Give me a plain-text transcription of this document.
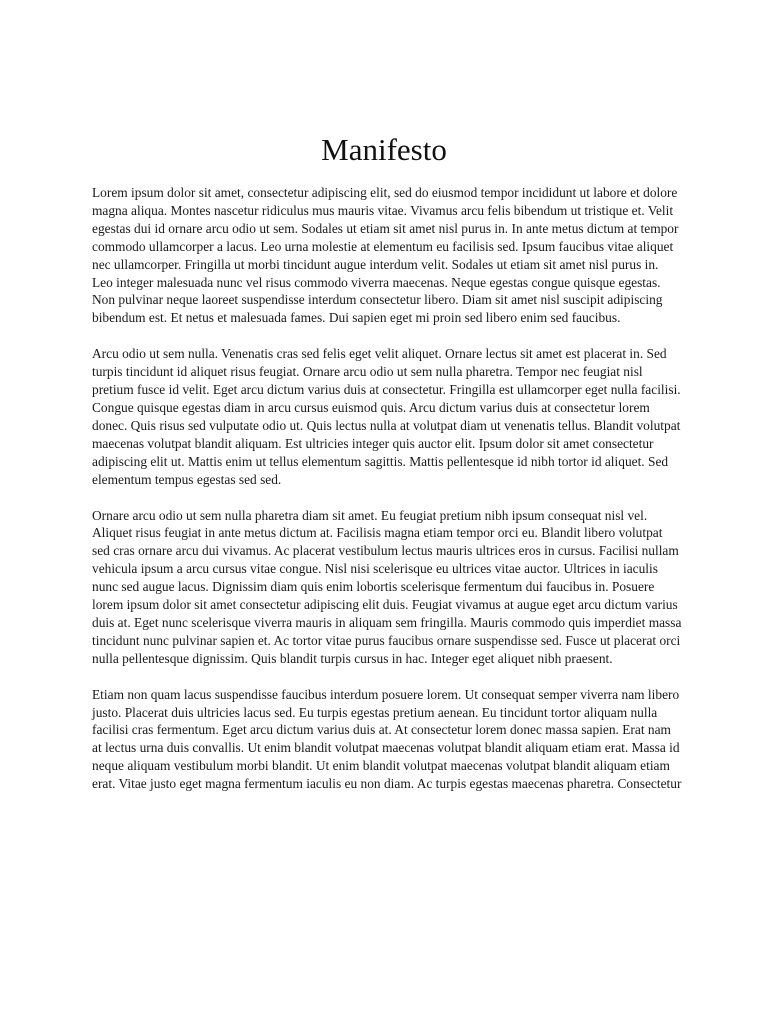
Manifesto

Lorem ipsum dolor sit amet, consectetur adipiscing elit, sed do eiusmod tempor incididunt ut labore et dolore magna aliqua. Montes nascetur ridiculus mus mauris vitae. Vivamus arcu felis bibendum ut tristique et. Velit egestas dui id ornare arcu odio ut sem. Sodales ut etiam sit amet nisl purus in. In ante metus dictum at tempor commodo ullamcorper a lacus. Leo urna molestie at elementum eu facilisis sed. Ipsum faucibus vitae aliquet nec ullamcorper. Fringilla ut morbi tincidunt augue interdum velit. Sodales ut etiam sit amet nisl purus in. Leo integer malesuada nunc vel risus commodo viverra maecenas. Neque egestas congue quisque egestas. Non pulvinar neque laoreet suspendisse interdum consectetur libero. Diam sit amet nisl suscipit adipiscing bibendum est. Et netus et malesuada fames. Dui sapien eget mi proin sed libero enim sed faucibus.

Arcu odio ut sem nulla. Venenatis cras sed felis eget velit aliquet. Ornare lectus sit amet est placerat in. Sed turpis tincidunt id aliquet risus feugiat. Ornare arcu odio ut sem nulla pharetra. Tempor nec feugiat nisl pretium fusce id velit. Eget arcu dictum varius duis at consectetur. Fringilla est ullamcorper eget nulla facilisi. Congue quisque egestas diam in arcu cursus euismod quis. Arcu dictum varius duis at consectetur lorem donec. Quis risus sed vulputate odio ut. Quis lectus nulla at volutpat diam ut venenatis tellus. Blandit volutpat maecenas volutpat blandit aliquam. Est ultricies integer quis auctor elit. Ipsum dolor sit amet consectetur adipiscing elit ut. Mattis enim ut tellus elementum sagittis. Mattis pellentesque id nibh tortor id aliquet. Sed elementum tempus egestas sed sed.

Ornare arcu odio ut sem nulla pharetra diam sit amet. Eu feugiat pretium nibh ipsum consequat nisl vel. Aliquet risus feugiat in ante metus dictum at. Facilisis magna etiam tempor orci eu. Blandit libero volutpat sed cras ornare arcu dui vivamus. Ac placerat vestibulum lectus mauris ultrices eros in cursus. Facilisi nullam vehicula ipsum a arcu cursus vitae congue. Nisl nisi scelerisque eu ultrices vitae auctor. Ultrices in iaculis nunc sed augue lacus. Dignissim diam quis enim lobortis scelerisque fermentum dui faucibus in. Posuere lorem ipsum dolor sit amet consectetur adipiscing elit duis. Feugiat vivamus at augue eget arcu dictum varius duis at. Eget nunc scelerisque viverra mauris in aliquam sem fringilla. Mauris commodo quis imperdiet massa tincidunt nunc pulvinar sapien et. Ac tortor vitae purus faucibus ornare suspendisse sed. Fusce ut placerat orci nulla pellentesque dignissim. Quis blandit turpis cursus in hac. Integer eget aliquet nibh praesent.

Etiam non quam lacus suspendisse faucibus interdum posuere lorem. Ut consequat semper viverra nam libero justo. Placerat duis ultricies lacus sed. Eu turpis egestas pretium aenean. Eu tincidunt tortor aliquam nulla facilisi cras fermentum. Eget arcu dictum varius duis at. At consectetur lorem donec massa sapien. Erat nam at lectus urna duis convallis. Ut enim blandit volutpat maecenas volutpat blandit aliquam etiam erat. Massa id neque aliquam vestibulum morbi blandit. Ut enim blandit volutpat maecenas volutpat blandit aliquam etiam erat. Vitae justo eget magna fermentum iaculis eu non diam. Ac turpis egestas maecenas pharetra. Consectetur
